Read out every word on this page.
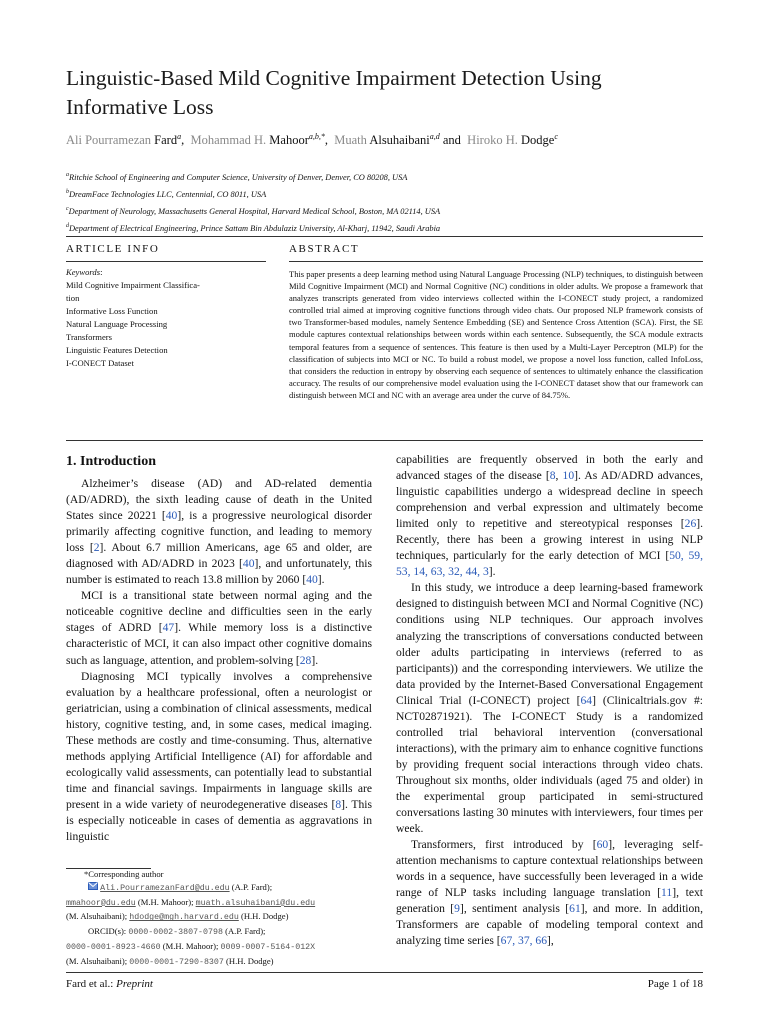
Linguistic-Based Mild Cognitive Impairment Detection Using Informative Loss
Ali Pourramezan Fard$^a$,  Mohammad H. Mahoor$^{a,b,*}$,  Muath Alsuhaibani$^{a,d}$ and  Hiroko H. Dodge$^c$
$^a$Ritchie School of Engineering and Computer Science, University of Denver, Denver, CO 80208, USA
$^b$DreamFace Technologies LLC, Centennial, CO 8011, USA
$^c$Department of Neurology, Massachusetts General Hospital, Harvard Medical School, Boston, MA 02114, USA
$^d$Department of Electrical Engineering, Prince Sattam Bin Abdulaziz University, Al-Kharj, 11942, Saudi Arabia
ARTICLE INFO	ABSTRACT
Keywords:
Mild Cognitive Impairment Classifica-
tion
Informative Loss Function
Natural Language Processing
Transformers
Linguistic Features Detection
I-CONECT Dataset
This paper presents a deep learning method using Natural Language Processing (NLP) techniques, to distinguish between Mild Cognitive Impairment (MCI) and Normal Cognitive (NC) conditions in older adults. We propose a framework that analyzes transcripts generated from video interviews collected within the I-CONECT study project, a randomized controlled trial aimed at improving cognitive functions through video chats. Our proposed NLP framework consists of two Transformer-based modules, namely Sentence Embedding (SE) and Sentence Cross Attention (SCA). First, the SE module captures contextual relationships between words within each sentence. Subsequently, the SCA module extracts temporal features from a sequence of sentences. This feature is then used by a Multi-Layer Perceptron (MLP) for the classification of subjects into MCI or NC. To build a robust model, we propose a novel loss function, called InfoLoss, that considers the reduction in entropy by observing each sequence of sentences to ultimately enhance the classification accuracy. The results of our comprehensive model evaluation using the I-CONECT dataset show that our framework can distinguish between MCI and NC with an average area under the curve of 84.75%.
1. Introduction

Alzheimer’s disease (AD) and AD-related dementia (AD/ADRD), the sixth leading cause of death in the United States since 20221 [40], is a progressive neurological disorder primarily affecting cognitive function, and leading to memory loss [2]. About 6.7 million Americans, age 65 and older, are diagnosed with AD/ADRD in 2023 [40], and unfortunately, this number is estimated to reach 13.8 million by 2060 [40].

MCI is a transitional state between normal aging and the noticeable cognitive decline and difficulties seen in the early stages of ADRD [47]. While memory loss is a distinctive characteristic of MCI, it can also impact other cognitive domains such as language, attention, and problem-solving [28].

Diagnosing MCI typically involves a comprehensive evaluation by a healthcare professional, often a neurologist or geriatrician, using a combination of clinical assessments, medical history, cognitive testing, and, in some cases, medical imaging. These methods are costly and time-consuming. Thus, alternative methods applying Artificial Intelligence (AI) for affordable and ecologically valid assessments, can potentially lead to substantial time and financial savings. Impairments in language skills are present in a wide variety of neurodegenerative diseases [8]. This is especially noticeable in cases of dementia as aggravations in linguistic

capabilities are frequently observed in both the early and advanced stages of the disease [8, 10]. As AD/ADRD advances, linguistic capabilities undergo a widespread decline in speech comprehension and verbal expression and ultimately become limited only to repetitive and stereotypical responses [26]. Recently, there has been a growing interest in using NLP techniques, particularly for the early detection of MCI [50, 59, 53, 14, 63, 32, 44, 3].

In this study, we introduce a deep learning-based framework designed to distinguish between MCI and Normal Cognitive (NC) conditions using NLP techniques. Our approach involves analyzing the transcriptions of conversations conducted between older adults participating in interviews (referred to as participants)) and the corresponding interviewers. We utilize the data provided by the Internet-Based Conversational Engagement Clinical Trial (I-CONECT) project [64] (Clinicaltrials.gov #: NCT02871921). The I-CONECT Study is a randomized controlled trial behavioral intervention (conversational interactions), with the primary aim to enhance cognitive functions by providing frequent social interactions through video chats. Throughout six months, older individuals (aged 75 and older) in the experimental group participated in semi-structured conversations lasting 30 minutes with interviewers, four times per week.

Transformers, first introduced by [60], leveraging self-attention mechanisms to capture contextual relationships between words in a sequence, have successfully been leveraged in a wide range of NLP tasks including language translation [11], text generation [9], sentiment analysis [61], and more. In addition, Transformers are capable of modeling temporal context and analyzing time series [67, 37, 66],

*Corresponding author
Ali.PourramezanFard@du.edu (A.P. Fard);
mmahoor@du.edu (M.H. Mahoor); muath.alsuhaibani@du.edu
(M. Alsuhaibani); hdodge@mgh.harvard.edu (H.H. Dodge)
ORCID(s): 0000-0002-3807-0798 (A.P. Fard);
0000-0001-8923-4660 (M.H. Mahoor); 0009-0007-5164-012X
(M. Alsuhaibani); 0000-0001-7290-8307 (H.H. Dodge)
Fard et al.: Preprint	Page 1 of 18
